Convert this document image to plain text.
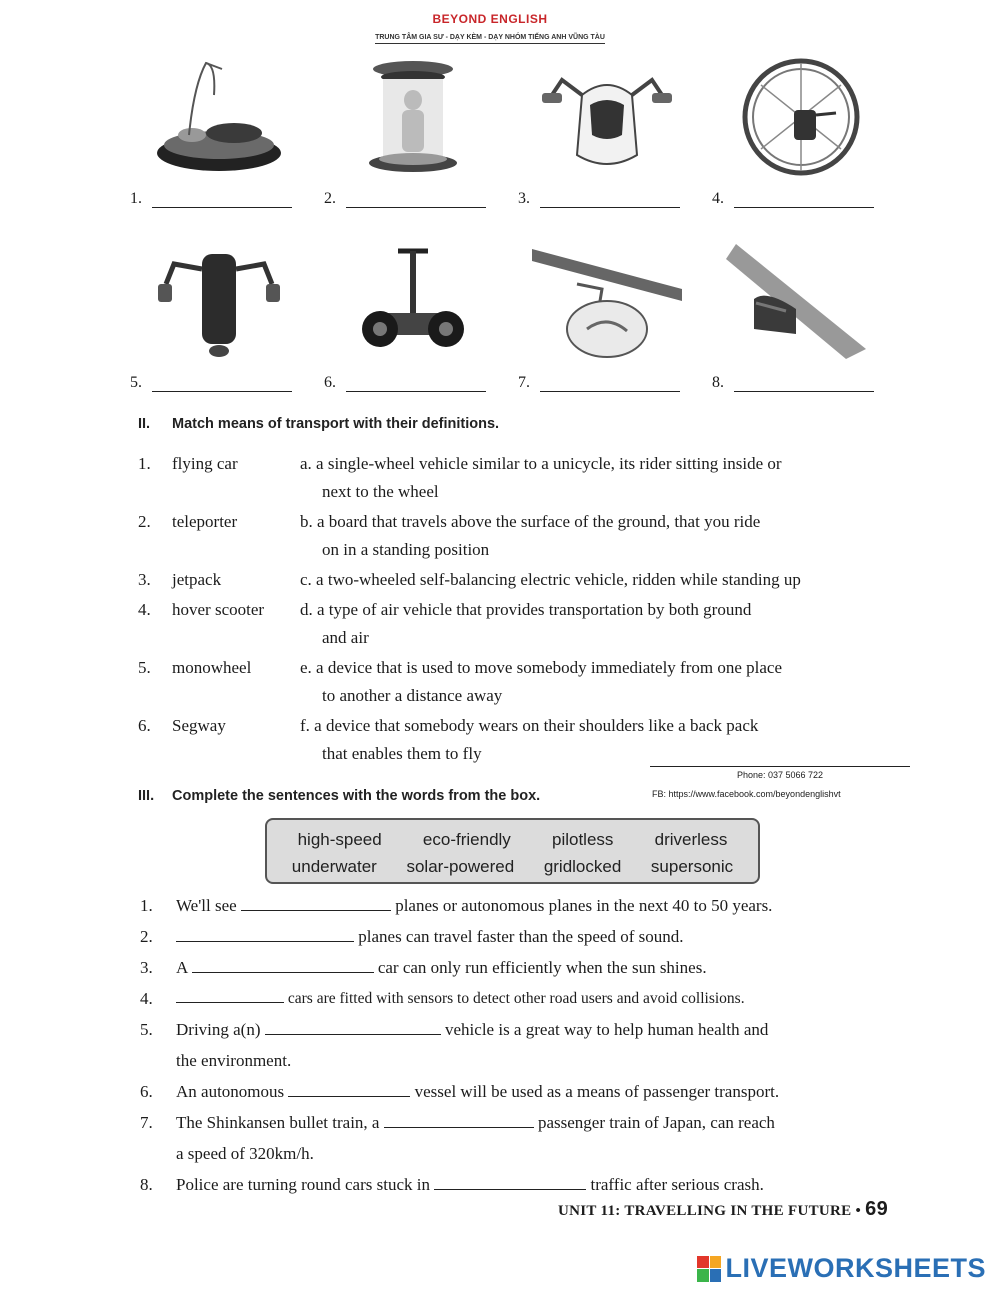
BEYOND ENGLISH
TRUNG TÂM GIA SƯ - DẠY KÈM - DẠY NHÓM TIẾNG ANH VŨNG TÀU
1.	2.	3.	4.
5.	6.	7.	8.
II. Match means of transport with their definitions.
1.	flying car	a. a single-wheel vehicle similar to a unicycle, its rider sitting inside or
next to the wheel
2.	teleporter	b. a board that travels above the surface of the ground, that you ride
on in a standing position
3.	jetpack	c. a two-wheeled self-balancing electric vehicle, ridden while standing up
4.	hover scooter	d. a type of air vehicle that provides transportation by both ground
and air
5.	monowheel	e. a device that is used to move somebody immediately from one place
to another a distance away
6.	Segway	f. a device that somebody wears on their shoulders like a back pack
that enables them to fly
Phone: 037 5066 722
FB: https://www.facebook.com/beyondenglishvt
III. Complete the sentences with the words from the box.
high-speed eco-friendly pilotless driverless
underwater solar-powered gridlocked supersonic
1.	We'll see	planes or autonomous planes in the next 40 to 50 years.
2.	planes can travel faster than the speed of sound.
3.	A	car can only run efficiently when the sun shines.
4.	cars are fitted with sensors to detect other road users and avoid collisions.
5.	Driving a(n)	vehicle is a great way to help human health and
the environment.
6.	An autonomous	vessel will be used as a means of passenger transport.
7.	The Shinkansen bullet train, a	passenger train of Japan, can reach
a speed of 320km/h.
8.	Police are turning round cars stuck in	traffic after serious crash.
UNIT 11: TRAVELLING IN THE FUTURE • 69
LIVEWORKSHEETS
